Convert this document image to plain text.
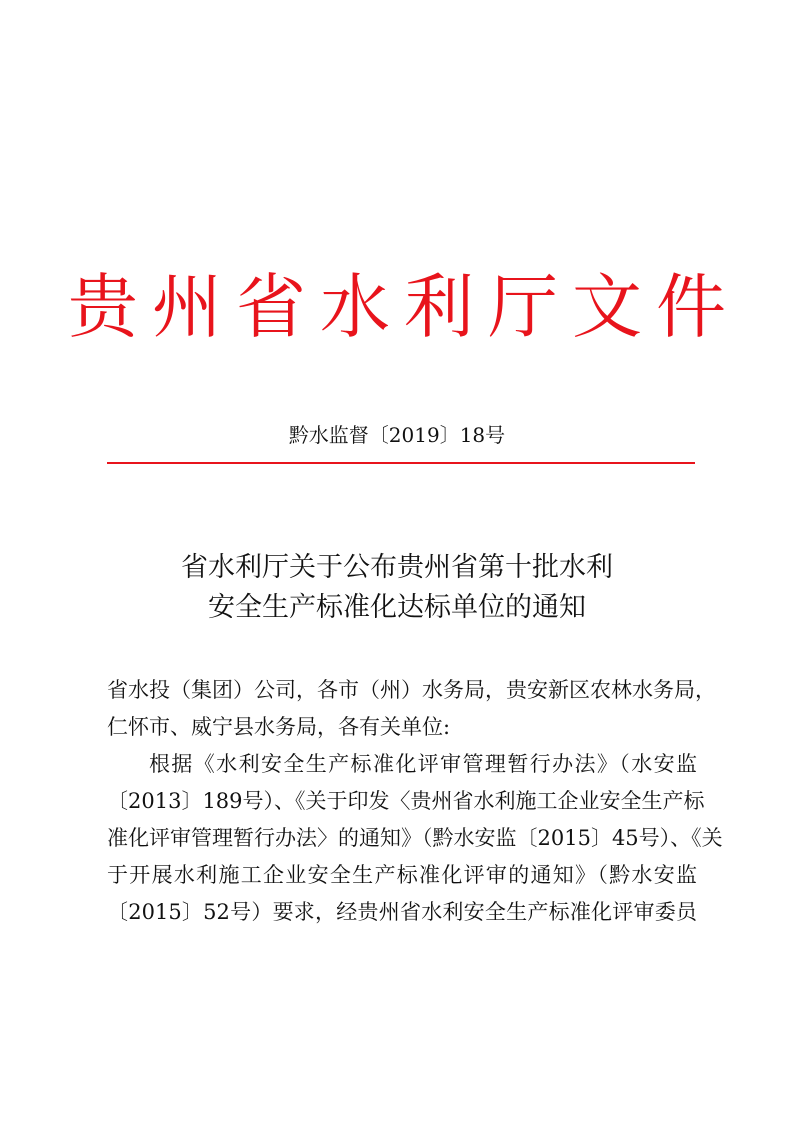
贵州省水利厅文件
黔水监督〔2019〕18号
省水利厅关于公布贵州省第十批水利
安全生产标准化达标单位的通知

省水投（集团）公司，各市（州）水务局，贵安新区农林水务局，
仁怀市、威宁县水务局，各有关单位:

根据《水利安全生产标准化评审管理暂行办法》（水安监
〔2013〕189号）、《关于印发〈贵州省水利施工企业安全生产标
准化评审管理暂行办法〉的通知》（黔水安监〔2015〕45号）、《关
于开展水利施工企业安全生产标准化评审的通知》（黔水安监
〔2015〕52号）要求，经贵州省水利安全生产标准化评审委员
